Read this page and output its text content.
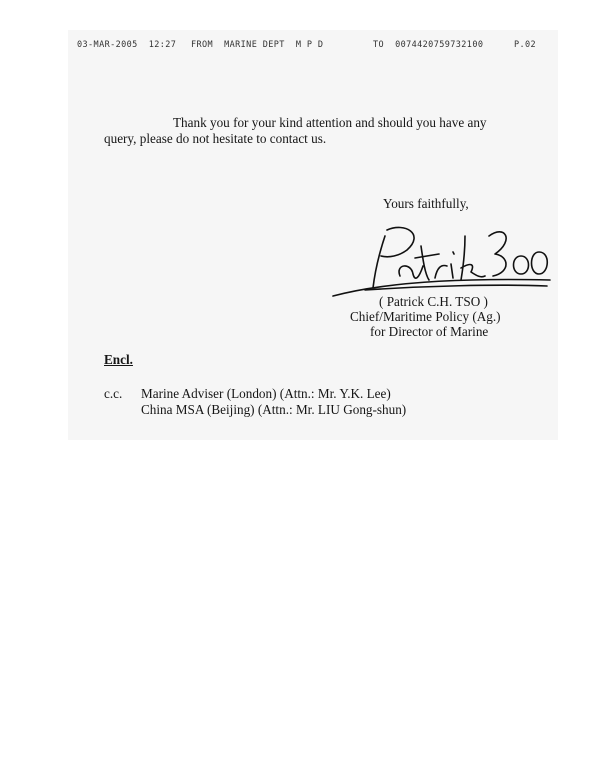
03-MAR-2005  12:27 FROM  MARINE DEPT  M P D	TO  0074420759732100	P.02
Thank you for your kind attention and should you have any
query, please do not hesitate to contact us.
Yours faithfully,
( Patrick C.H. TSO )
Chief/Maritime Policy (Ag.)
for Director of Marine
Encl.
c.c. Marine Adviser (London) (Attn.: Mr. Y.K. Lee)
China MSA (Beijing) (Attn.: Mr. LIU Gong-shun)
